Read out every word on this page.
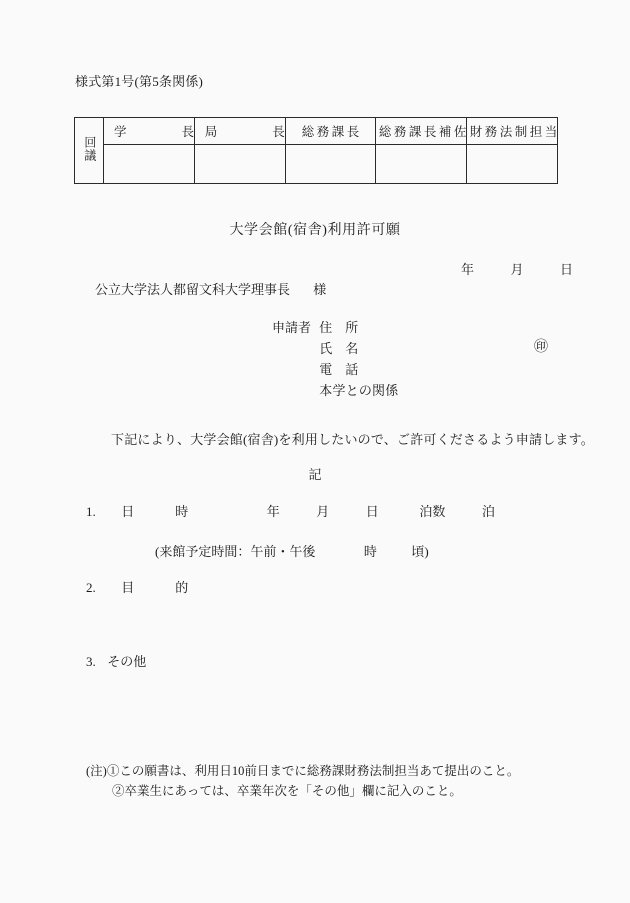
様式第1号(第5条関係)
回議	学　　長	局　　長	総務課長	総務課長補佐	財務法制担当

大学会館(宿舎)利用許可願
年	月	日
公立大学法人都留文科大学理事長 様
申請者 住　所
氏　名	㊞
電　話
本学との関係
下記により、大学会館(宿舎)を利用したいので、ご許可くださるよう申請します。
記
1. 日　時	年	月	日	泊数	泊
(来館予定時間：午前・午後	時	頃)
2. 目　的
3. その他
(注)①この願書は、利用日10前日までに総務課財務法制担当あて提出のこと。
②卒業生にあっては、卒業年次を「その他」欄に記入のこと。
